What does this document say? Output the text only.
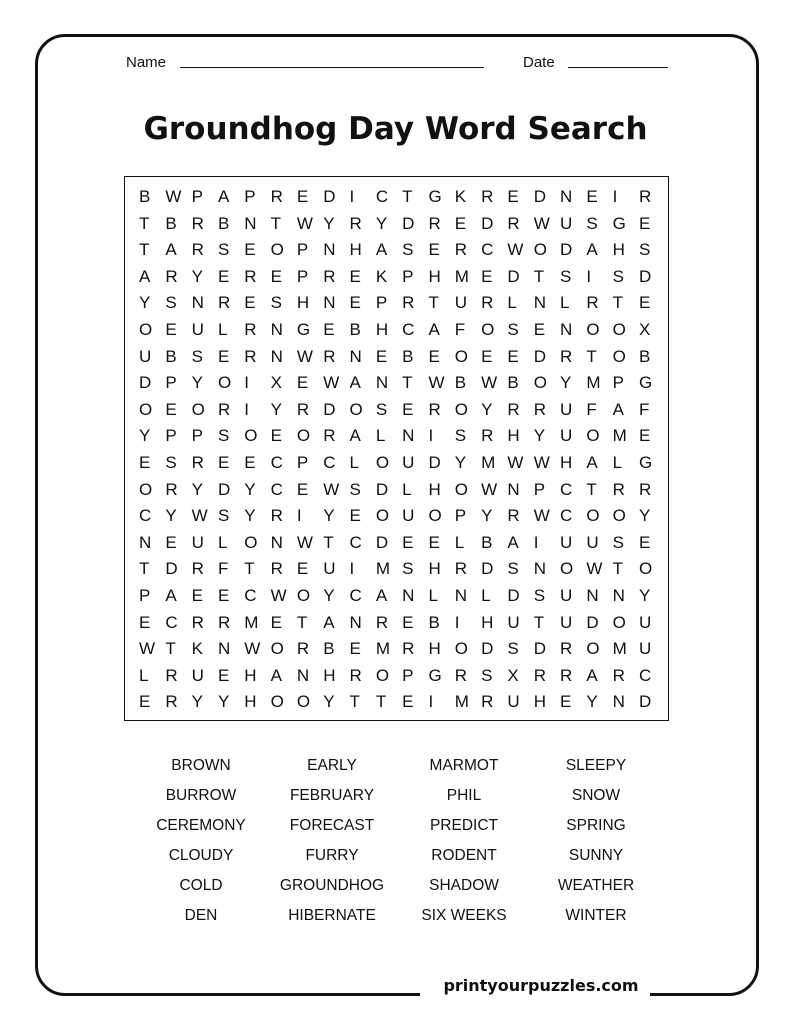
Name	Date
Groundhog Day Word Search
B W P A P R E D I	C T G K R E D N E I	R
T B R B N T W Y R Y D R E D R W U S G E
T A R S E O P N H A S E R C W O D A H S
A R Y E R E P R E K P H M E D T S I	S D
Y S N R E S H N E P R T U R L N L R T E
O E U L R N G E B H C A F O S E N O O X
U B S E R N W R N E B E O E E D R T O B
D P Y O I	X E W A N T W B W B O Y M P G
O E O R I	Y R D O S E R O Y R R U F A F
Y P P S O E O R A L N I	S R H Y U O M E
E S R E E C P C L O U D Y M W W H A L G
O R Y D Y C E W S D L H O W N P C T R R
C Y W S Y R I	Y E O U O P Y R W C O O Y
N E U L O N W T C D E E L B A I	U U S E
T D R F T R E U I	M S H R D S N O W T O
P A E E C W O Y C A N L N L D S U N N Y
E C R R M E T A N R E B I	H U T U D O U
W T K N W O R B E M R H O D S D R O M U
L R U E H A N H R O P G R S X R R A R C
E R Y Y H O O Y T T E I	M R U H E Y N D
BROWN	EARLY	MARMOT	SLEEPY
BURROW	FEBRUARY	PHIL	SNOW
CEREMONY	FORECAST	PREDICT	SPRING
CLOUDY	FURRY	RODENT	SUNNY
COLD	GROUNDHOG	SHADOW	WEATHER
DEN	HIBERNATE	SIX WEEKS	WINTER
printyourpuzzles.com
